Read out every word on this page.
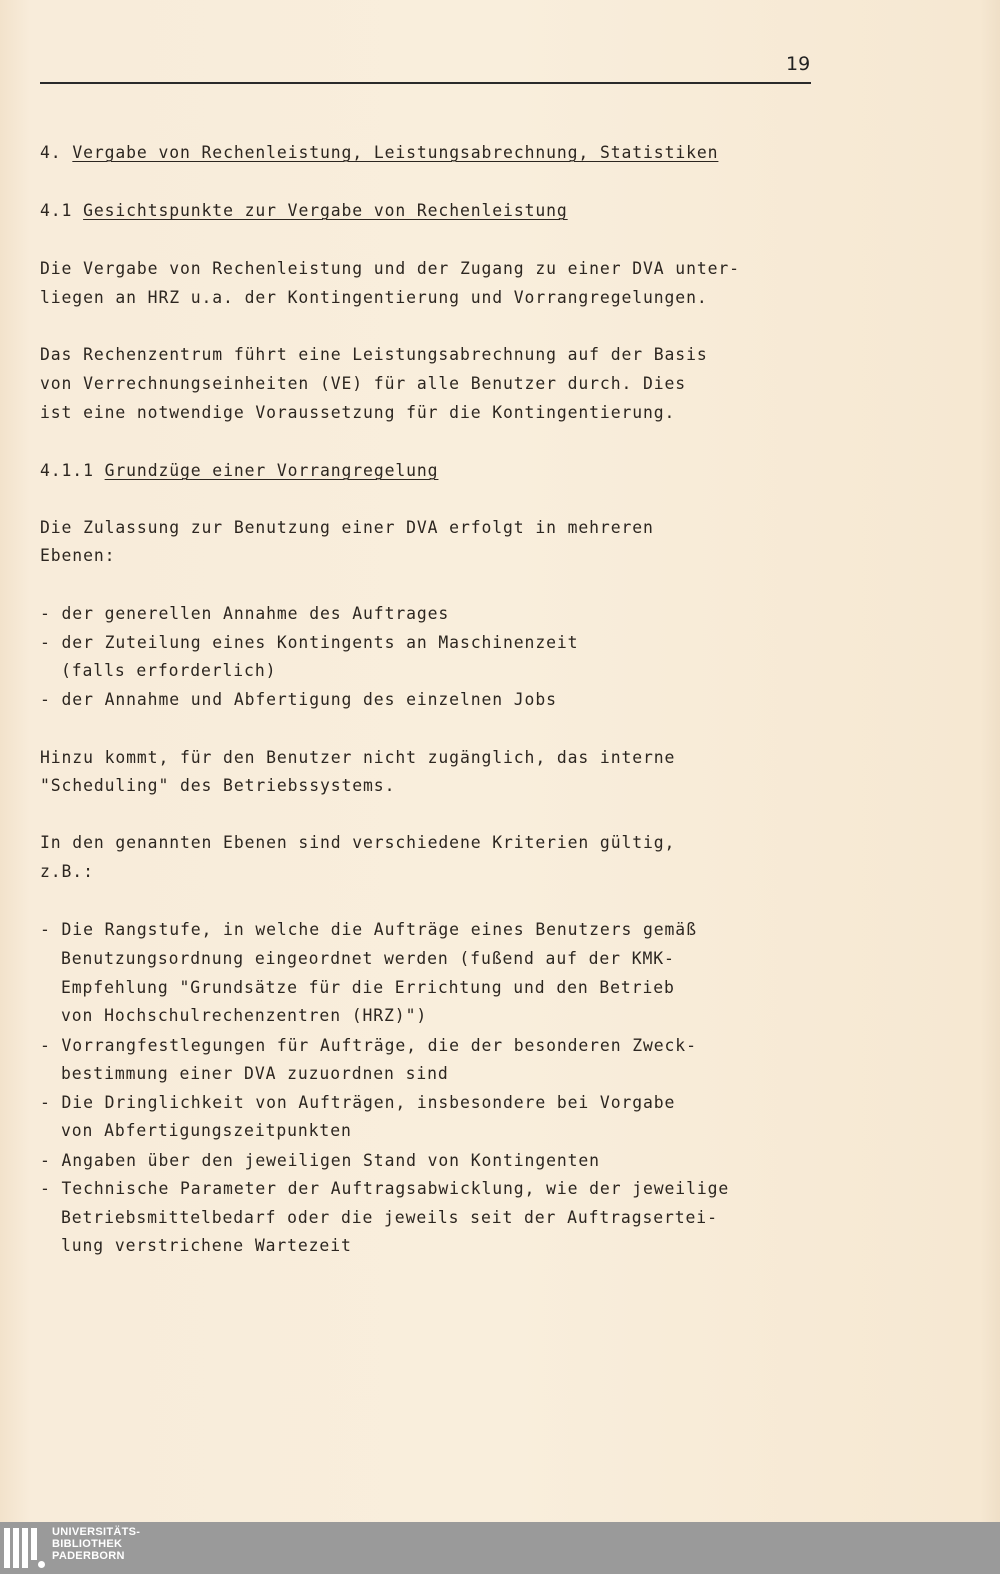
19
4. Vergabe von Rechenleistung, Leistungsabrechnung, Statistiken
4.1 Gesichtspunkte zur Vergabe von Rechenleistung
Die Vergabe von Rechenleistung und der Zugang zu einer DVA unter-
liegen an HRZ u.a. der Kontingentierung und Vorrangregelungen.
Das Rechenzentrum führt eine Leistungsabrechnung auf der Basis
von Verrechnungseinheiten (VE) für alle Benutzer durch. Dies
ist eine notwendige Voraussetzung für die Kontingentierung.
4.1.1 Grundzüge einer Vorrangregelung
Die Zulassung zur Benutzung einer DVA erfolgt in mehreren
Ebenen:
- der generellen Annahme des Auftrages
- der Zuteilung eines Kontingents an Maschinenzeit
(falls erforderlich)
- der Annahme und Abfertigung des einzelnen Jobs
Hinzu kommt, für den Benutzer nicht zugänglich, das interne
"Scheduling" des Betriebssystems.
In den genannten Ebenen sind verschiedene Kriterien gültig,
z.B.:
- Die Rangstufe, in welche die Aufträge eines Benutzers gemäß
Benutzungsordnung eingeordnet werden (fußend auf der KMK-
Empfehlung "Grundsätze für die Errichtung und den Betrieb
von Hochschulrechenzentren (HRZ)")
- Vorrangfestlegungen für Aufträge, die der besonderen Zweck-
bestimmung einer DVA zuzuordnen sind
- Die Dringlichkeit von Aufträgen, insbesondere bei Vorgabe
von Abfertigungszeitpunkten
- Angaben über den jeweiligen Stand von Kontingenten
- Technische Parameter der Auftragsabwicklung, wie der jeweilige
Betriebsmittelbedarf oder die jeweils seit der Auftragsertei-
lung verstrichene Wartezeit
UNIVERSITÄTS-
BIBLIOTHEK
PADERBORN
